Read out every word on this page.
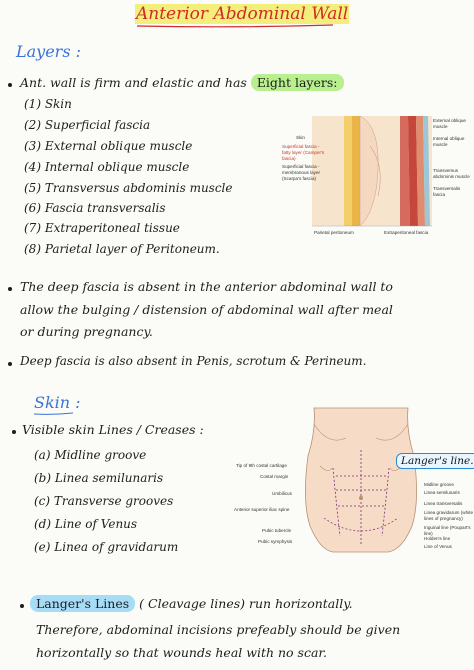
Anterior Abdominal Wall
Layers :
Ant. wall is firm and elastic and has Eight layers:
(1) Skin
(2) Superficial fascia
(3) External oblique muscle
(4) Internal oblique muscle
(5) Transversus abdominis muscle
(6) Fascia transversalis
(7) Extraperitoneal tissue
(8) Parietal layer of Peritoneum.
Skin
Superficial fascia - fatty layer (Camper's fascia)
Superficial fascia - membranous layer (Scarpa's fascia)
Parietal peritoneum	Extraperitoneal fascia
External oblique muscle
Internal oblique muscle
Transversus abdominis muscle
Transversalis fascia
The deep fascia is absent in the anterior abdominal wall to
allow the bulging / distension of abdominal wall after meal
or during pregnancy.
Deep fascia is also absent in Penis, scrotum & Perineum.
Skin :
Visible skin Lines / Creases :
(a) Midline groove
(b) Linea semilunaris
(c) Transverse grooves
(d) Line of Venus
(e) Linea of gravidarum
Tip of 9th costal cartilage
Costal margin
Umbilicus
Anterior superior iliac spine
Pubic tubercle
Pubic symphysis
Midline groove
Linea semilunaris
Linea transversalis
Linea gravidarum (white lines of pregnancy)
Inguinal line (Poupart's line)
Holden's line
Line of Venus
Langer's line.
Langer's Lines ( Cleavage lines) run horizontally.
Therefore, abdominal incisions prefeably should be given
horizontally so that wounds heal with no scar.
